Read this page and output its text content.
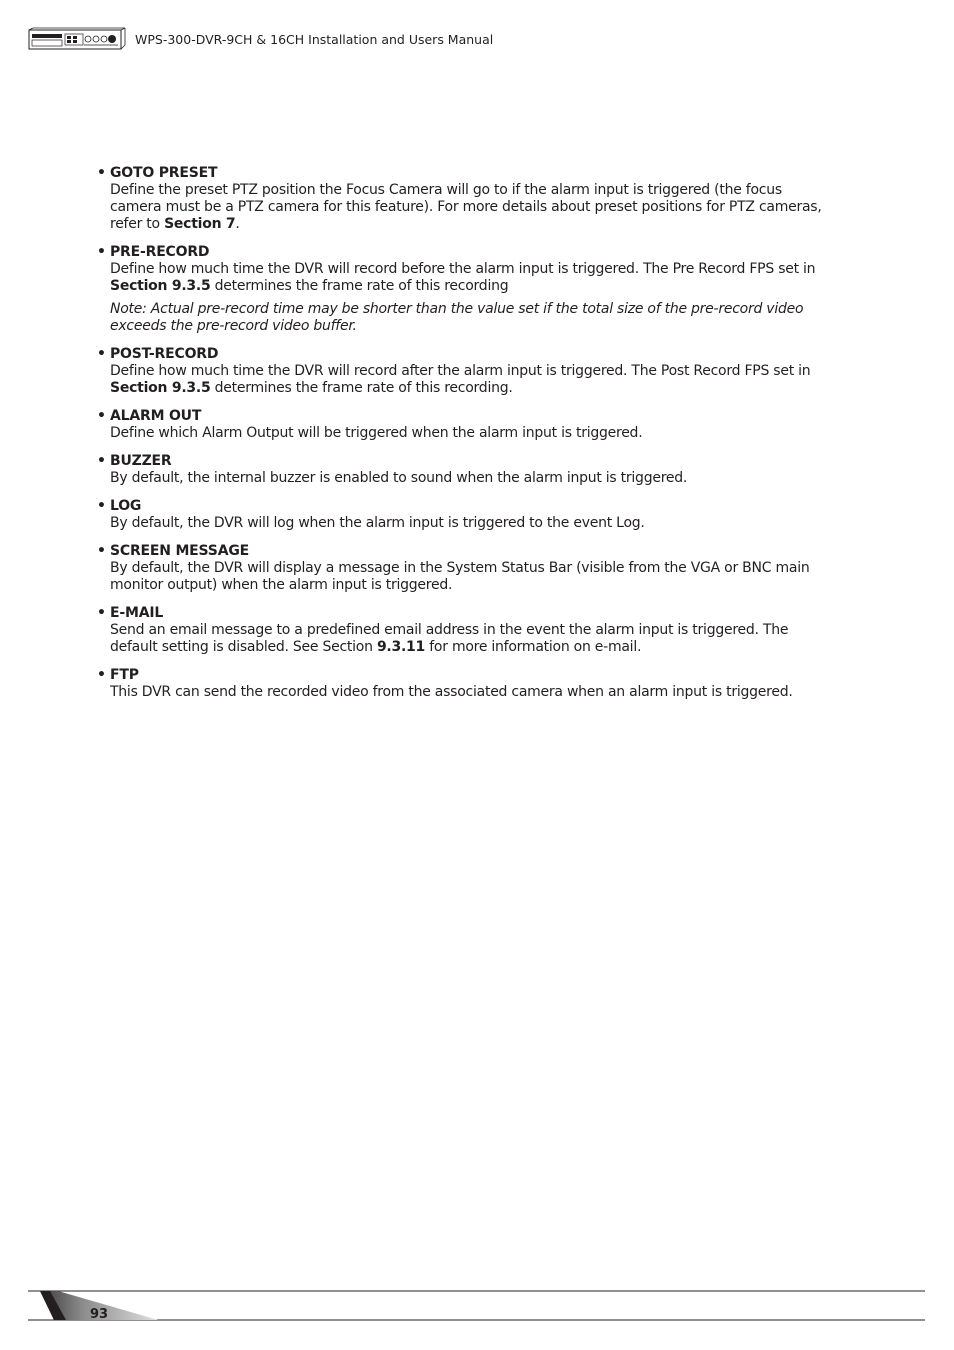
WPS-300-DVR-9CH & 16CH Installation and Users Manual
• GOTO PRESET
Define the preset PTZ position the Focus Camera will go to if the alarm input is triggered (the focus camera must be a PTZ camera for this feature). For more details about preset positions for PTZ cameras, refer to Section 7.
• PRE-RECORD
Define how much time the DVR will record before the alarm input is triggered. The Pre Record FPS set in Section 9.3.5 determines the frame rate of this recording
Note: Actual pre-record time may be shorter than the value set if the total size of the pre-record video exceeds the pre-record video buffer.
• POST-RECORD
Define how much time the DVR will record after the alarm input is triggered. The Post Record FPS set in Section 9.3.5 determines the frame rate of this recording.
• ALARM OUT
Define which Alarm Output will be triggered when the alarm input is triggered.
• BUZZER
By default, the internal buzzer is enabled to sound when the alarm input is triggered.
• LOG
By default, the DVR will log when the alarm input is triggered to the event Log.
• SCREEN MESSAGE
By default, the DVR will display a message in the System Status Bar (visible from the VGA or BNC main monitor output) when the alarm input is triggered.
• E-MAIL
Send an email message to a predefined email address in the event the alarm input is triggered. The default setting is disabled. See Section 9.3.11 for more information on e-mail.
• FTP
This DVR can send the recorded video from the associated camera when an alarm input is triggered.
93
